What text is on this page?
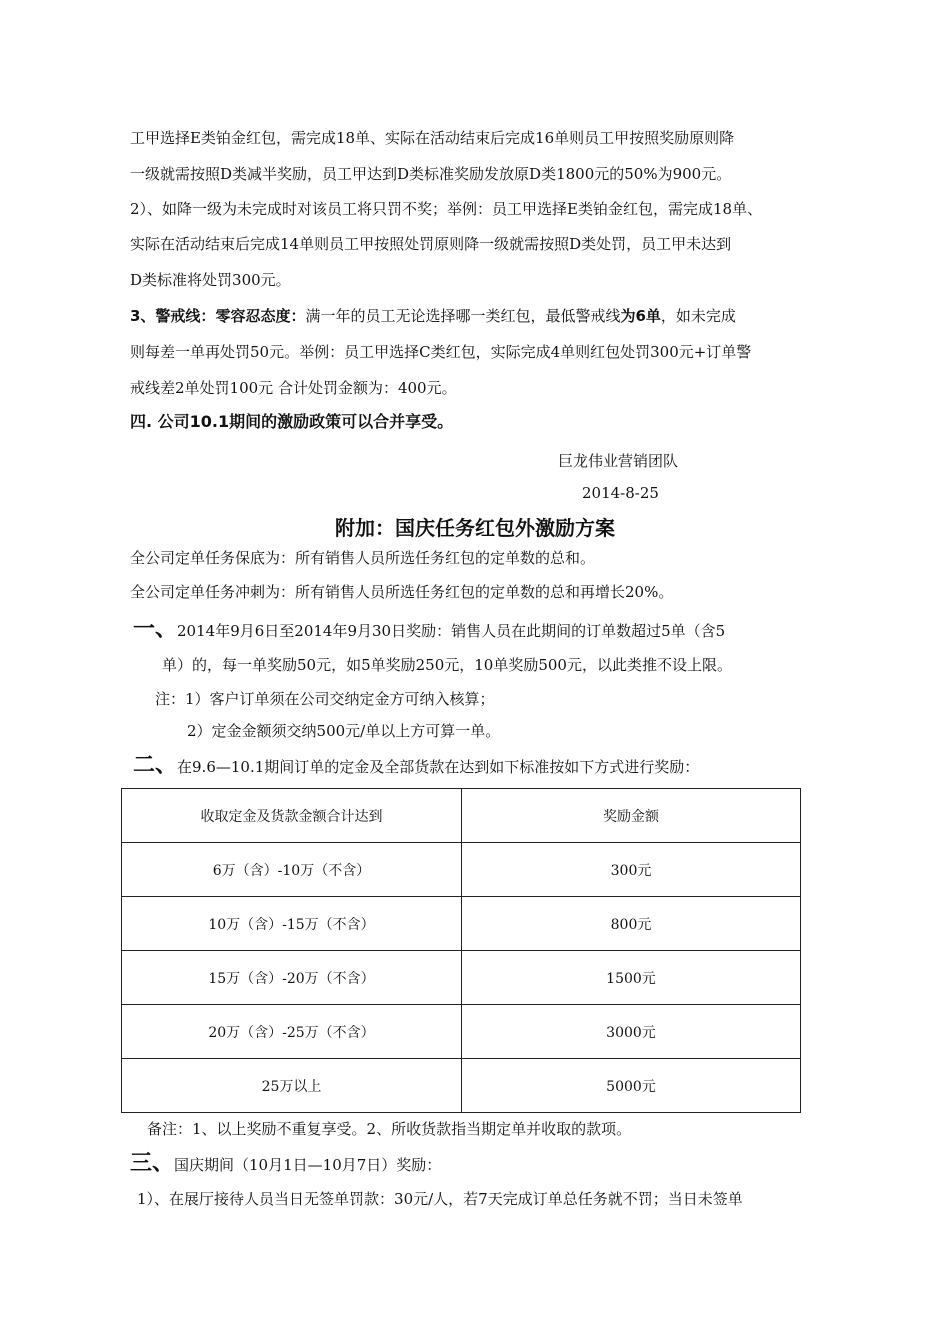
工甲选择E类铂金红包，需完成18单、实际在活动结束后完成16单则员工甲按照奖励原则降
一级就需按照D类减半奖励，员工甲达到D类标准奖励发放原D类1800元的50%为900元。
2）、如降一级为未完成时对该员工将只罚不奖；举例：员工甲选择E类铂金红包，需完成18单、
实际在活动结束后完成14单则员工甲按照处罚原则降一级就需按照D类处罚，员工甲未达到
D类标准将处罚300元。
3、警戒线：零容忍态度：满一年的员工无论选择哪一类红包，最低警戒线为6单，如未完成
则每差一单再处罚50元。举例：员工甲选择C类红包，实际完成4单则红包处罚300元+订单警
戒线差2单处罚100元 合计处罚金额为：400元。
四. 公司10.1期间的激励政策可以合并享受。
巨龙伟业营销团队
2014-8-25
附加：国庆任务红包外激励方案
全公司定单任务保底为：所有销售人员所选任务红包的定单数的总和。
全公司定单任务冲刺为：所有销售人员所选任务红包的定单数的总和再增长20%。
一、2014年9月6日至2014年9月30日奖励：销售人员在此期间的订单数超过5单（含5
单）的，每一单奖励50元，如5单奖励250元，10单奖励500元，以此类推不设上限。
注：1）客户订单须在公司交纳定金方可纳入核算；
2）定金金额须交纳500元/单以上方可算一单。
二、在9.6—10.1期间订单的定金及全部货款在达到如下标准按如下方式进行奖励：
收取定金及货款金额合计达到	奖励金额
6万（含）-10万（不含）	300元
10万（含）-15万（不含）	800元
15万（含）-20万（不含）	1500元
20万（含）-25万（不含）	3000元
25万以上	5000元
备注：1、以上奖励不重复享受。2、所收货款指当期定单并收取的款项。
三、国庆期间（10月1日—10月7日）奖励：
1）、在展厅接待人员当日无签单罚款：30元/人，若7天完成订单总任务就不罚；当日未签单
